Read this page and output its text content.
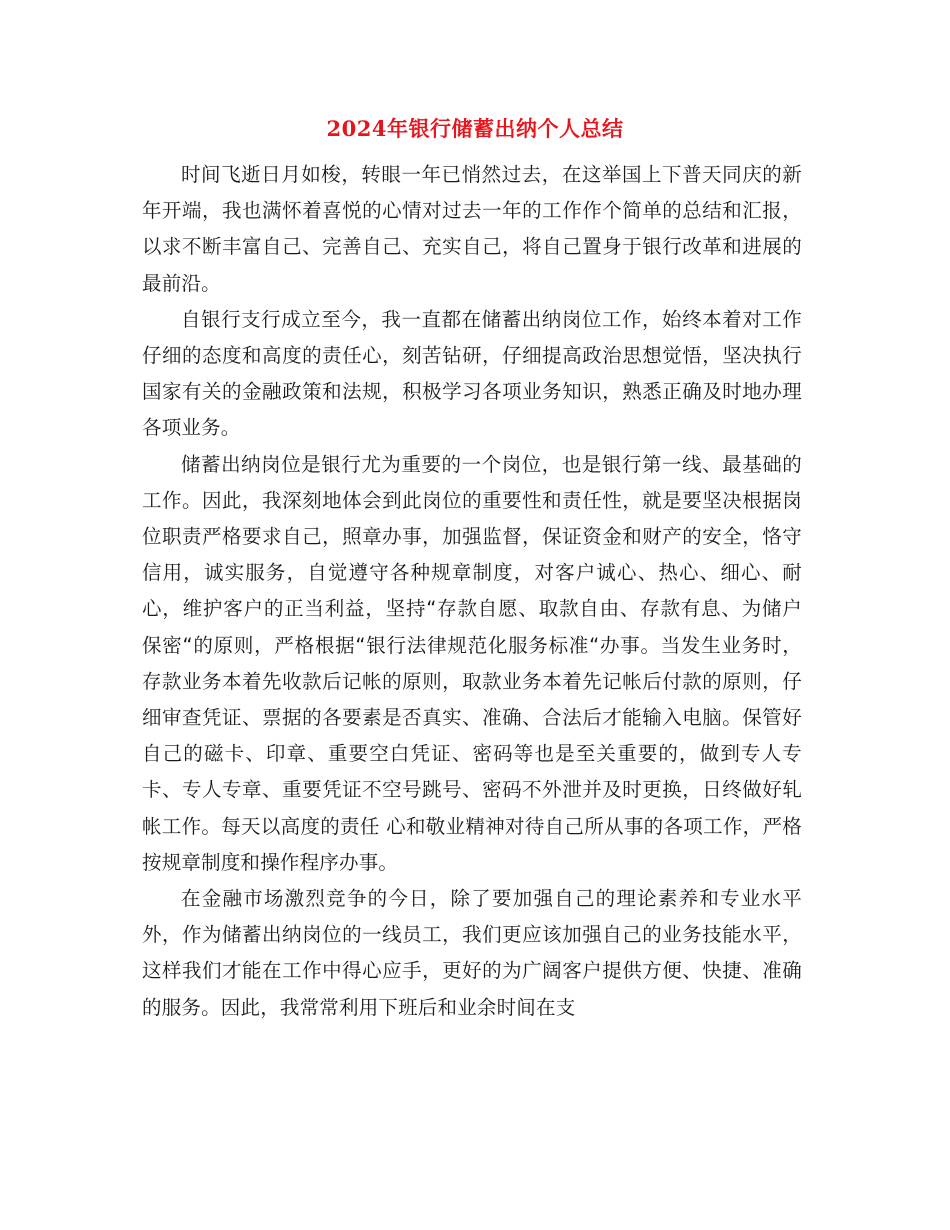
2024年银行储蓄出纳个人总结

时间飞逝日月如梭，转眼一年已悄然过去，在这举国上下普天同庆的新年开端，我也满怀着喜悦的心情对过去一年的工作作个简单的总结和汇报，以求不断丰富自己、完善自己、充实自己，将自己置身于银行改革和进展的最前沿。

自银行支行成立至今，我一直都在储蓄出纳岗位工作，始终本着对工作仔细的态度和高度的责任心，刻苦钻研，仔细提高政治思想觉悟，坚决执行国家有关的金融政策和法规，积极学习各项业务知识，熟悉正确及时地办理各项业务。

储蓄出纳岗位是银行尤为重要的一个岗位，也是银行第一线、最基础的工作。因此，我深刻地体会到此岗位的重要性和责任性，就是要坚决根据岗位职责严格要求自己，照章办事，加强监督，保证资金和财产的安全，恪守信用，诚实服务，自觉遵守各种规章制度，对客户诚心、热心、细心、耐心，维护客户的正当利益，坚持“存款自愿、取款自由、存款有息、为储户保密“的原则，严格根据“银行法律规范化服务标准“办事。当发生业务时，存款业务本着先收款后记帐的原则，取款业务本着先记帐后付款的原则，仔细审查凭证、票据的各要素是否真实、准确、合法后才能输入电脑。保管好自己的磁卡、印章、重要空白凭证、密码等也是至关重要的，做到专人专卡、专人专章、重要凭证不空号跳号、密码不外泄并及时更换，日终做好轧帐工作。每天以高度的责任 心和敬业精神对待自己所从事的各项工作，严格按规章制度和操作程序办事。

在金融市场激烈竞争的今日，除了要加强自己的理论素养和专业水平外，作为储蓄出纳岗位的一线员工，我们更应该加强自己的业务技能水平，这样我们才能在工作中得心应手，更好的为广阔客户提供方便、快捷、准确的服务。因此，我常常利用下班后和业余时间在支
